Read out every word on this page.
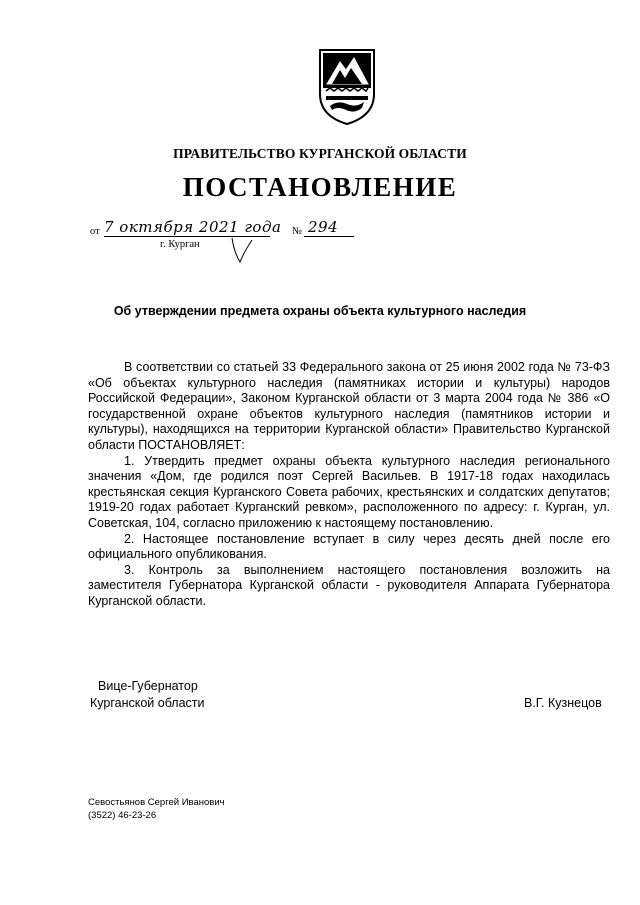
ПРАВИТЕЛЬСТВО КУРГАНСКОЙ ОБЛАСТИ
ПОСТАНОВЛЕНИЕ
от 7 октября 2021 года № 294
г. Курган
Об утверждении предмета охраны объекта культурного наследия

В соответствии со статьей 33 Федерального закона от 25 июня 2002 года № 73-ФЗ «Об объектах культурного наследия (памятниках истории и культуры) народов Российской Федерации», Законом Курганской области от 3 марта 2004 года № 386 «О государственной охране объектов культурного наследия (памятников истории и культуры), находящихся на территории Курганской области» Правительство Курганской области ПОСТАНОВЛЯЕТ:

1. Утвердить предмет охраны объекта культурного наследия регионального значения «Дом, где родился поэт Сергей Васильев. В 1917-18 годах находилась крестьянская секция Курганского Совета рабочих, крестьянских и солдатских депутатов; 1919-20 годах работает Курганский ревком», расположенного по адресу: г. Курган, ул. Советская, 104, согласно приложению к настоящему постановлению.

2. Настоящее постановление вступает в силу через десять дней после его официального опубликования.

3. Контроль за выполнением настоящего постановления возложить на заместителя Губернатора Курганской области - руководителя Аппарата Губернатора Курганской области.

Вице-Губернатор
Курганской области	В.Г. Кузнецов
Севостьянов Сергей Иванович
(3522) 46-23-26
